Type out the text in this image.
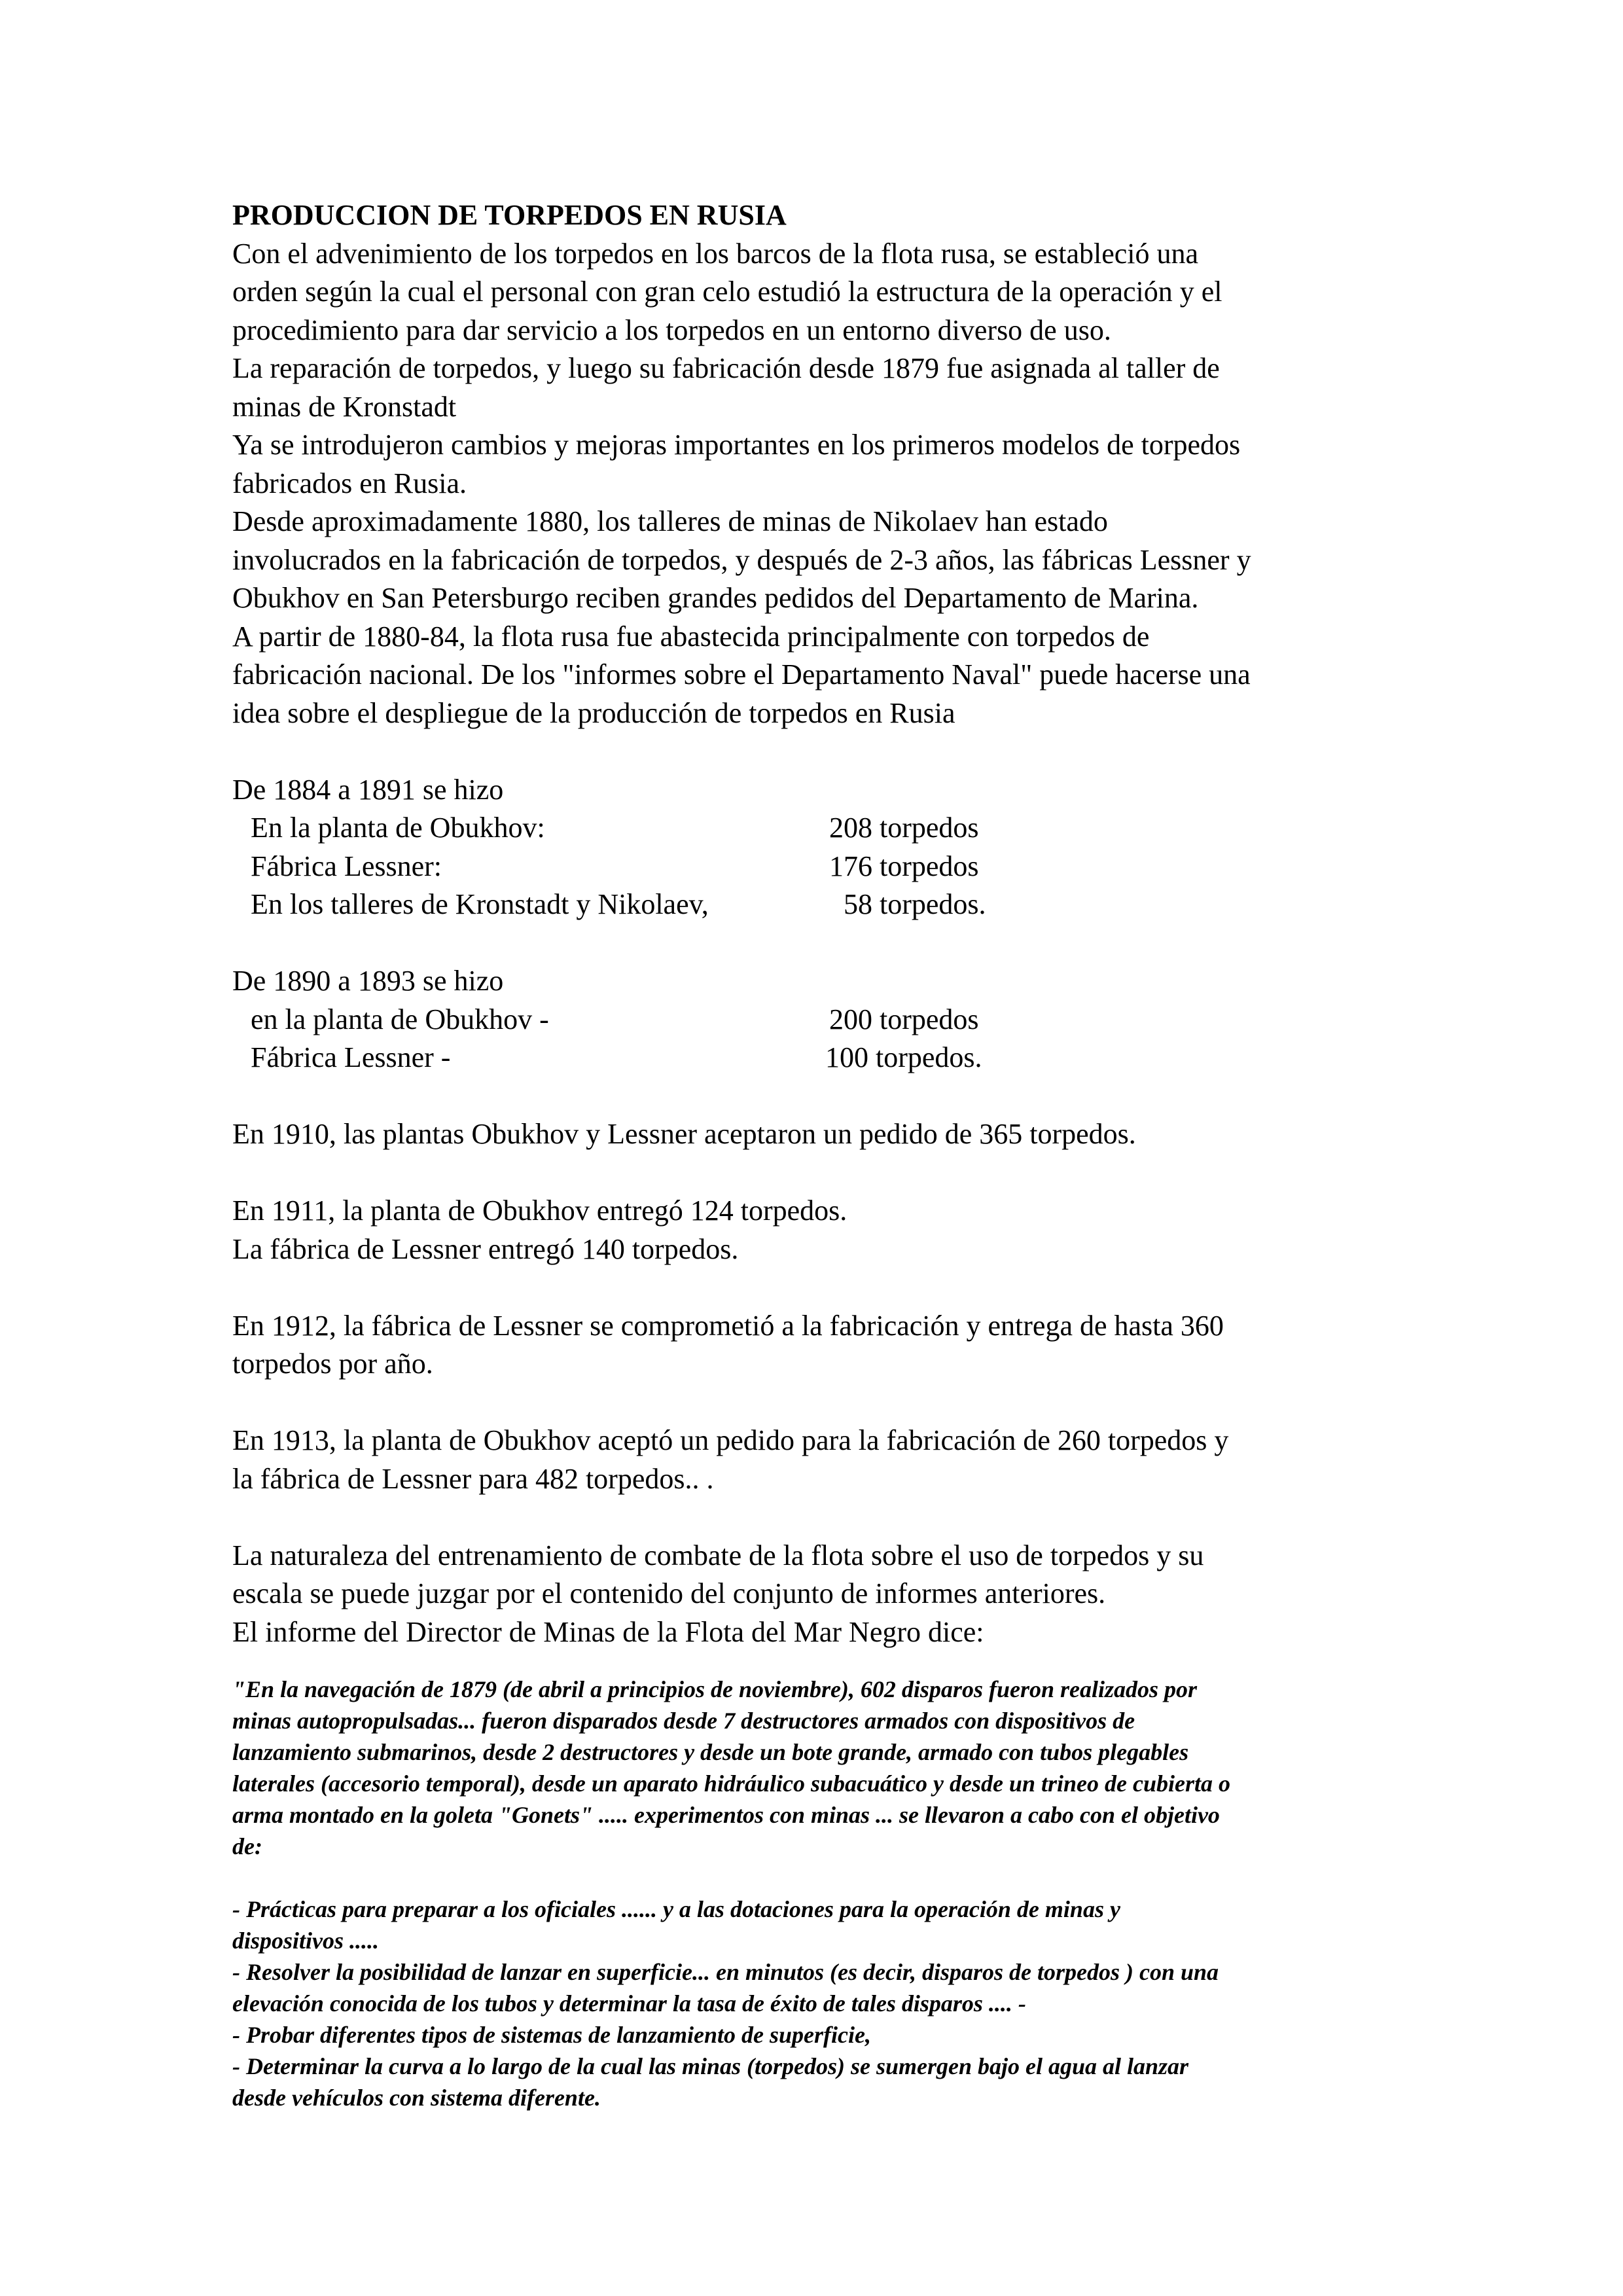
PRODUCCION DE TORPEDOS EN RUSIA
Con el advenimiento de los torpedos en los barcos de la flota rusa, se estableció una
orden según la cual el personal con gran celo estudió la estructura de la operación y el
procedimiento para dar servicio a los torpedos en un entorno diverso de uso.
La reparación de torpedos, y luego su fabricación desde 1879 fue asignada al taller de
minas de Kronstadt
Ya se introdujeron cambios y mejoras importantes en los primeros modelos de torpedos
fabricados en Rusia.
Desde aproximadamente 1880, los talleres de minas de Nikolaev han estado
involucrados en la fabricación de torpedos, y después de 2-3 años, las fábricas Lessner y
Obukhov en San Petersburgo reciben grandes pedidos del Departamento de Marina.
A partir de 1880-84, la flota rusa fue abastecida principalmente con torpedos de
fabricación nacional. De los "informes sobre el Departamento Naval" puede hacerse una
idea sobre el despliegue de la producción de torpedos en Rusia
De 1884 a 1891 se hizo
En la planta de Obukhov:	208 torpedos
Fábrica Lessner:	176 torpedos
En los talleres de Kronstadt y Nikolaev,	58 torpedos.
De 1890 a 1893 se hizo
en la planta de Obukhov -	200 torpedos
Fábrica Lessner -	100 torpedos.
En 1910, las plantas Obukhov y Lessner aceptaron un pedido de 365 torpedos.
En 1911, la planta de Obukhov entregó 124 torpedos.
La fábrica de Lessner entregó 140 torpedos.
En 1912, la fábrica de Lessner se comprometió a la fabricación y entrega de hasta 360
torpedos por año.
En 1913, la planta de Obukhov aceptó un pedido para la fabricación de 260 torpedos y
la fábrica de Lessner para 482 torpedos.. .
La naturaleza del entrenamiento de combate de la flota sobre el uso de torpedos y su
escala se puede juzgar por el contenido del conjunto de informes anteriores.
El informe del Director de Minas de la Flota del Mar Negro dice:
"En la navegación de 1879 (de abril a principios de noviembre), 602 disparos fueron realizados por
minas autopropulsadas... fueron disparados desde 7 destructores armados con dispositivos de
lanzamiento submarinos, desde 2 destructores y desde un bote grande, armado con tubos plegables
laterales (accesorio temporal), desde un aparato hidráulico subacuático y desde un trineo de cubierta o
arma montado en la goleta "Gonets" ..... experimentos con minas ... se llevaron a cabo con el objetivo
de:
- Prácticas para preparar a los oficiales ...... y a las dotaciones para la operación de minas y
dispositivos .....
- Resolver la posibilidad de lanzar en superficie... en minutos (es decir, disparos de torpedos ) con una
elevación conocida de los tubos y determinar la tasa de éxito de tales disparos .... -
- Probar diferentes tipos de sistemas de lanzamiento de superficie,
- Determinar la curva a lo largo de la cual las minas (torpedos) se sumergen bajo el agua al lanzar
desde vehículos con sistema diferente.
